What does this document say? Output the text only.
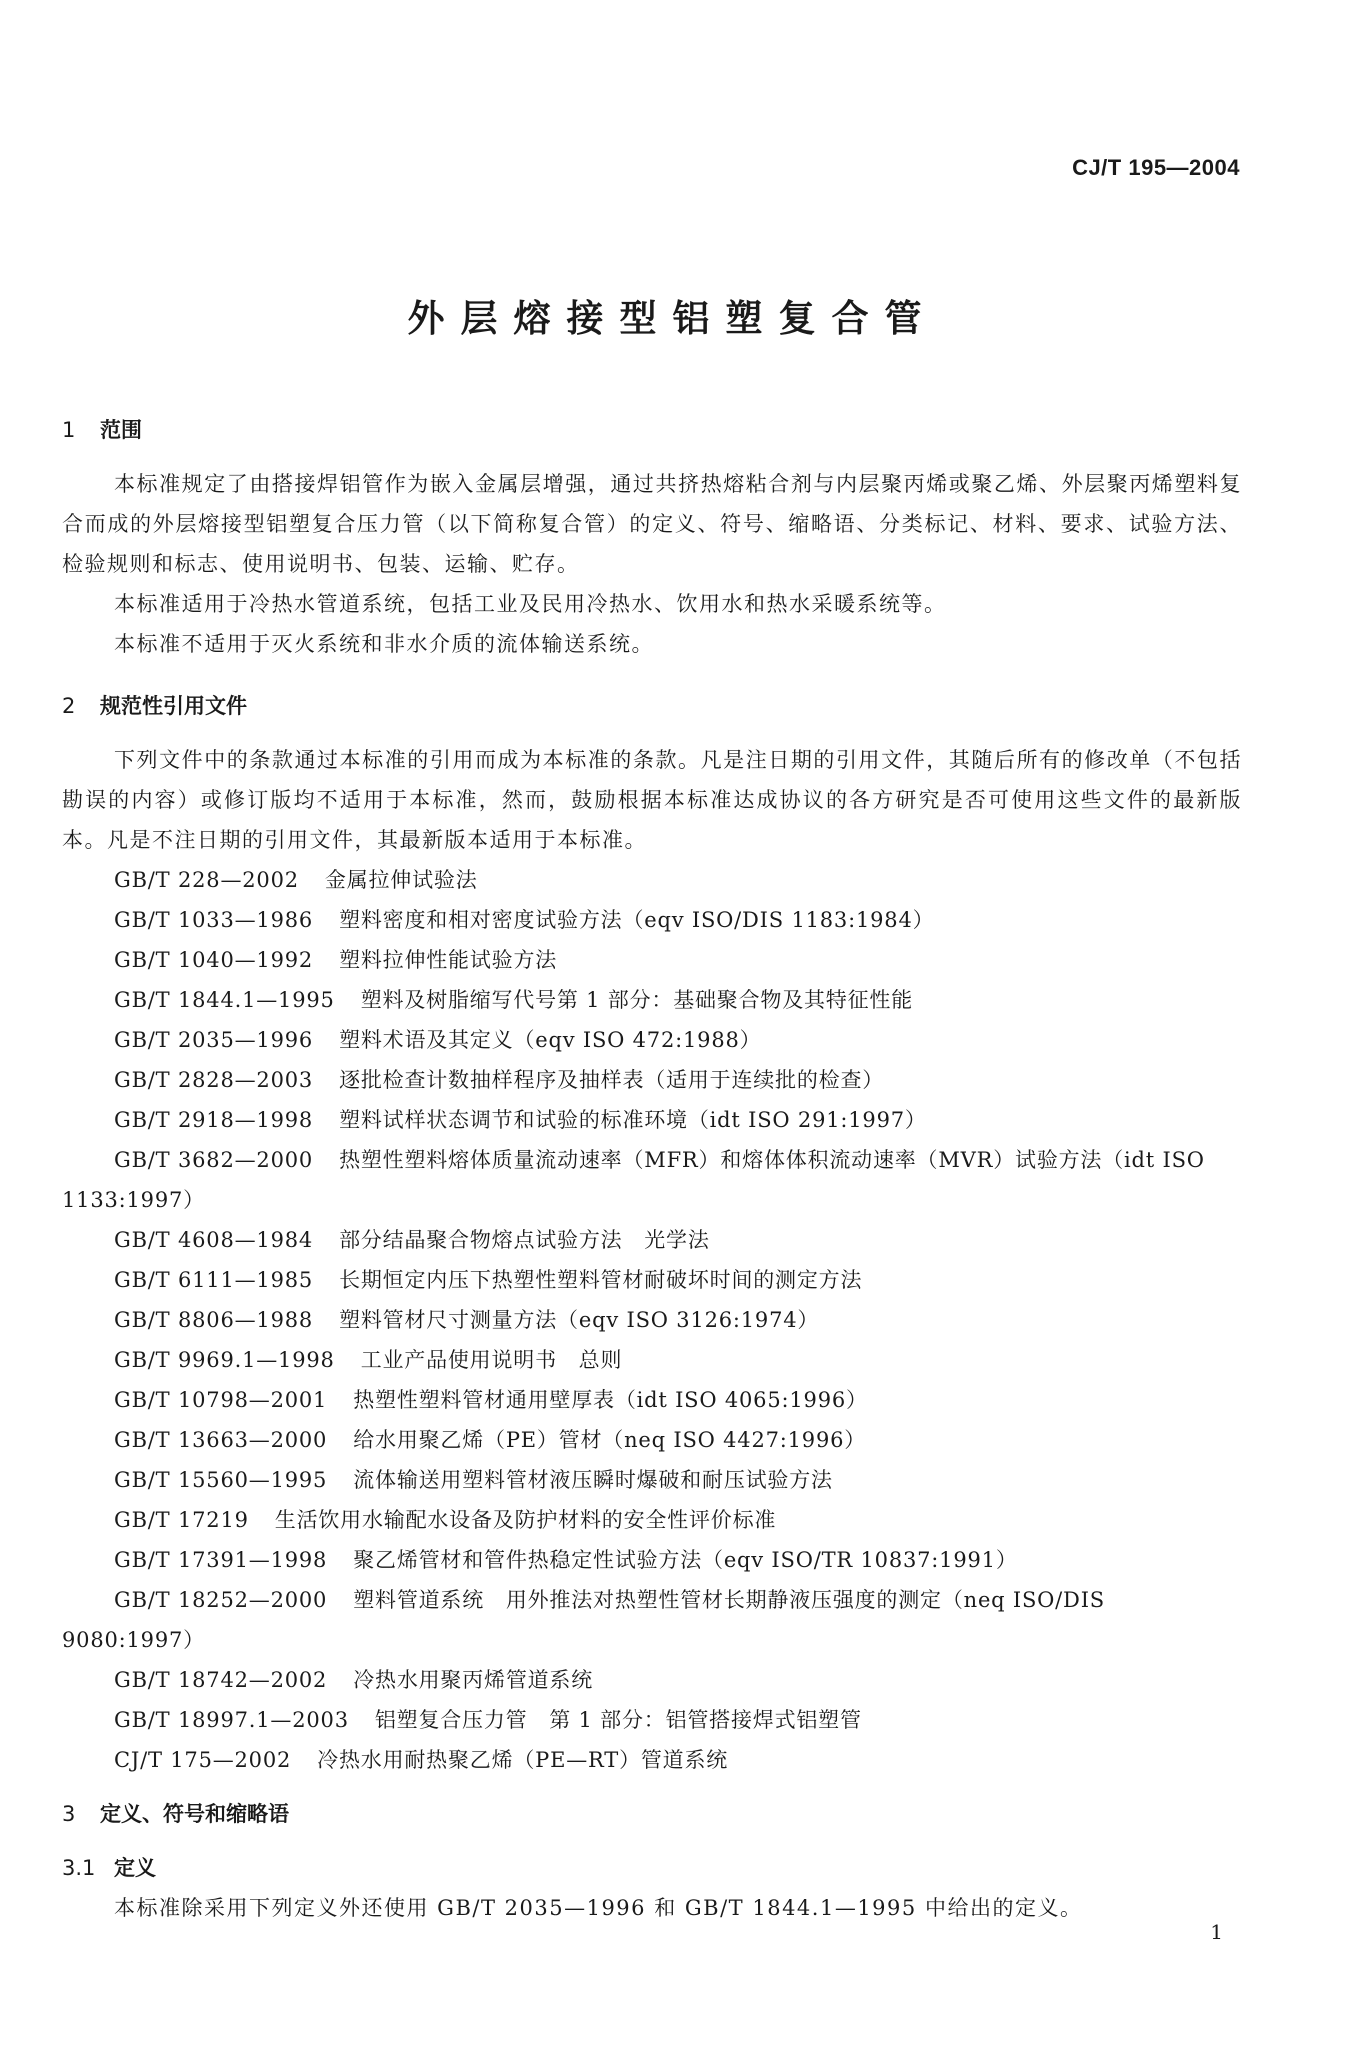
CJ/T 195—2004
外层熔接型铝塑复合管
1 范围
本标准规定了由搭接焊铝管作为嵌入金属层增强，通过共挤热熔粘合剂与内层聚丙烯或聚乙烯、外层聚丙烯塑料复合而成的外层熔接型铝塑复合压力管（以下简称复合管）的定义、符号、缩略语、分类标记、材料、要求、试验方法、检验规则和标志、使用说明书、包装、运输、贮存。
本标准适用于冷热水管道系统，包括工业及民用冷热水、饮用水和热水采暖系统等。
本标准不适用于灭火系统和非水介质的流体输送系统。
2 规范性引用文件
下列文件中的条款通过本标准的引用而成为本标准的条款。凡是注日期的引用文件，其随后所有的修改单（不包括勘误的内容）或修订版均不适用于本标准，然而，鼓励根据本标准达成协议的各方研究是否可使用这些文件的最新版本。凡是不注日期的引用文件，其最新版本适用于本标准。
GB/T 228—2002 金属拉伸试验法
GB/T 1033—1986 塑料密度和相对密度试验方法（eqv ISO/DIS 1183:1984）
GB/T 1040—1992 塑料拉伸性能试验方法
GB/T 1844.1—1995 塑料及树脂缩写代号第 1 部分：基础聚合物及其特征性能
GB/T 2035—1996 塑料术语及其定义（eqv ISO 472:1988）
GB/T 2828—2003 逐批检查计数抽样程序及抽样表（适用于连续批的检查）
GB/T 2918—1998 塑料试样状态调节和试验的标准环境（idt ISO 291:1997）
GB/T 3682—2000 热塑性塑料熔体质量流动速率（MFR）和熔体体积流动速率（MVR）试验方法（idt ISO 1133:1997）
GB/T 4608—1984 部分结晶聚合物熔点试验方法　光学法
GB/T 6111—1985 长期恒定内压下热塑性塑料管材耐破坏时间的测定方法
GB/T 8806—1988 塑料管材尺寸测量方法（eqv ISO 3126:1974）
GB/T 9969.1—1998 工业产品使用说明书　总则
GB/T 10798—2001 热塑性塑料管材通用壁厚表（idt ISO 4065:1996）
GB/T 13663—2000 给水用聚乙烯（PE）管材（neq ISO 4427:1996）
GB/T 15560—1995 流体输送用塑料管材液压瞬时爆破和耐压试验方法
GB/T 17219 生活饮用水输配水设备及防护材料的安全性评价标准
GB/T 17391—1998 聚乙烯管材和管件热稳定性试验方法（eqv ISO/TR 10837:1991）
GB/T 18252—2000 塑料管道系统　用外推法对热塑性管材长期静液压强度的测定（neq ISO/DIS 9080:1997）
GB/T 18742—2002 冷热水用聚丙烯管道系统
GB/T 18997.1—2003 铝塑复合压力管　第 1 部分：铝管搭接焊式铝塑管
CJ/T 175—2002 冷热水用耐热聚乙烯（PE—RT）管道系统
3 定义、符号和缩略语
3.1 定义
本标准除采用下列定义外还使用 GB/T 2035—1996 和 GB/T 1844.1—1995 中给出的定义。
1
